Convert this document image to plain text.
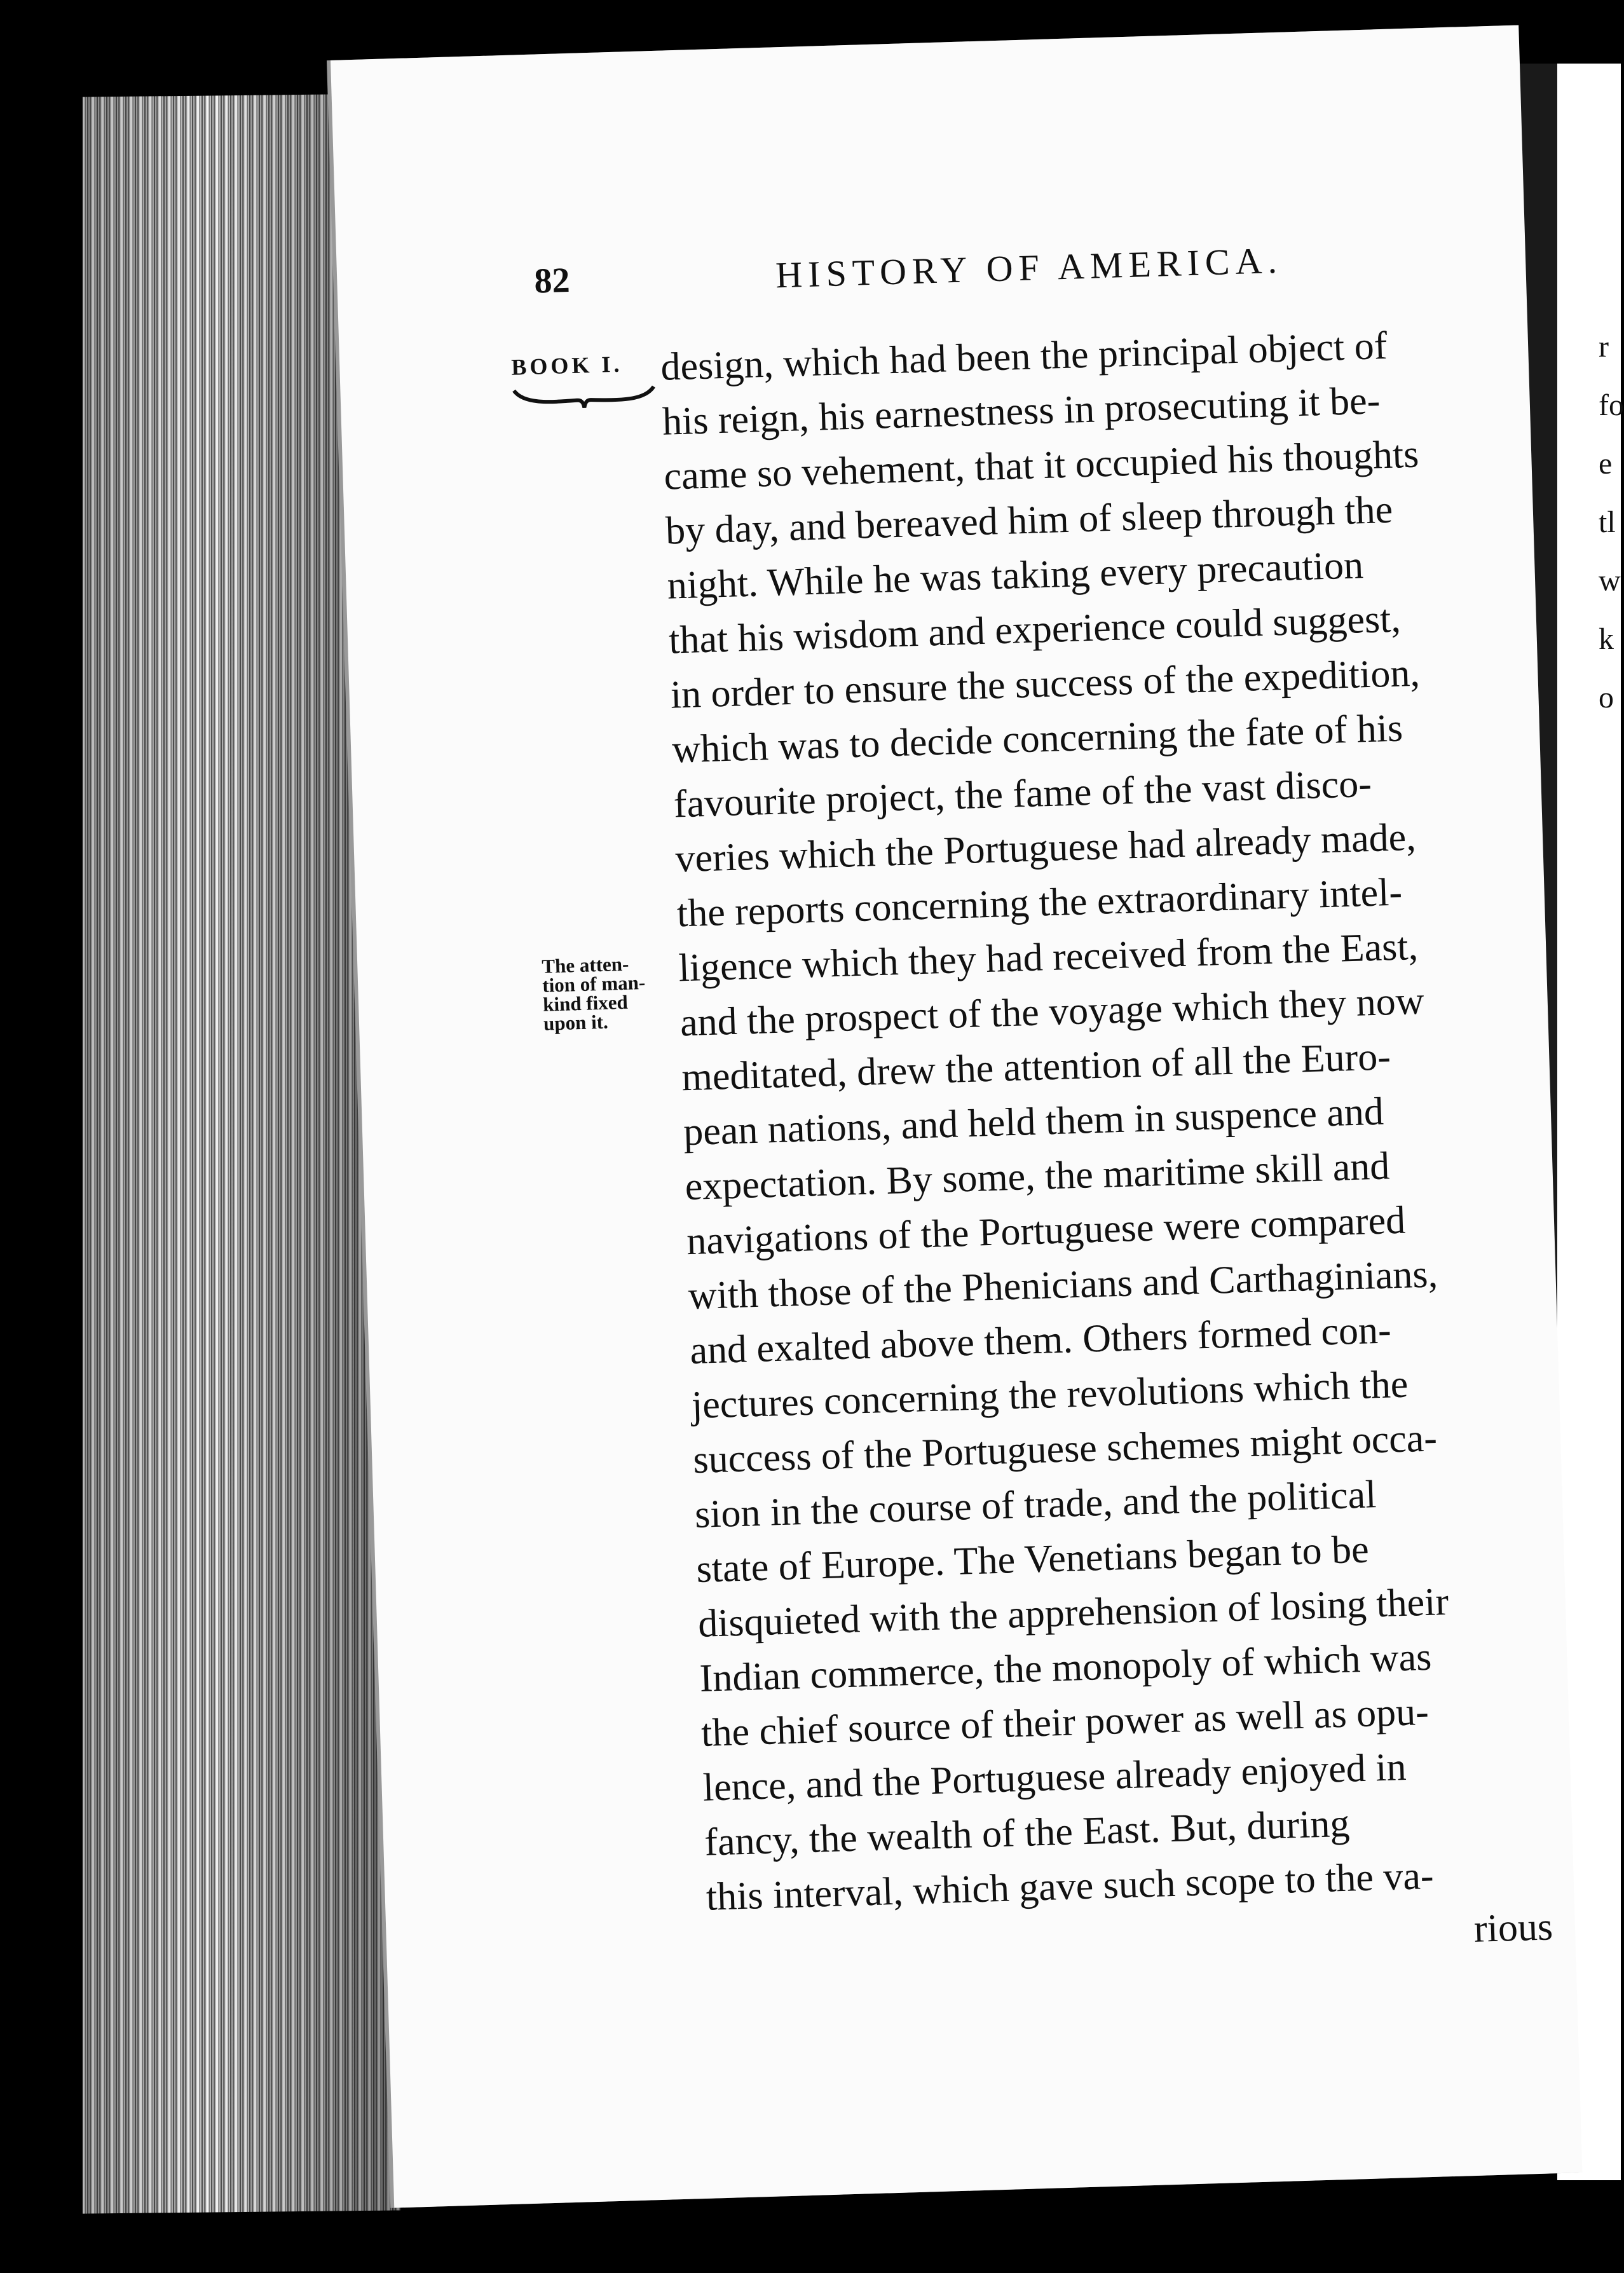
r
fo
e
tl
w
k
o
82	HISTORY OF AMERICA.
BOOK I.
The atten-
tion of man-
kind fixed
upon it.
design, which had been the principal object of
his reign, his earnestness in prosecuting it be-
came so vehement, that it occupied his thoughts
by day, and bereaved him of sleep through the
night. While he was taking every precaution
that his wisdom and experience could suggest,
in order to ensure the success of the expedition,
which was to decide concerning the fate of his
favourite project, the fame of the vast disco-
veries which the Portuguese had already made,
the reports concerning the extraordinary intel-
ligence which they had received from the East,
and the prospect of the voyage which they now
meditated, drew the attention of all the Euro-
pean nations, and held them in suspence and
expectation. By some, the maritime skill and
navigations of the Portuguese were compared
with those of the Phenicians and Carthaginians,
and exalted above them. Others formed con-
jectures concerning the revolutions which the
success of the Portuguese schemes might occa-
sion in the course of trade, and the political
state of Europe. The Venetians began to be
disquieted with the apprehension of losing their
Indian commerce, the monopoly of which was
the chief source of their power as well as opu-
lence, and the Portuguese already enjoyed in
fancy, the wealth of the East. But, during
this interval, which gave such scope to the va-
rious
